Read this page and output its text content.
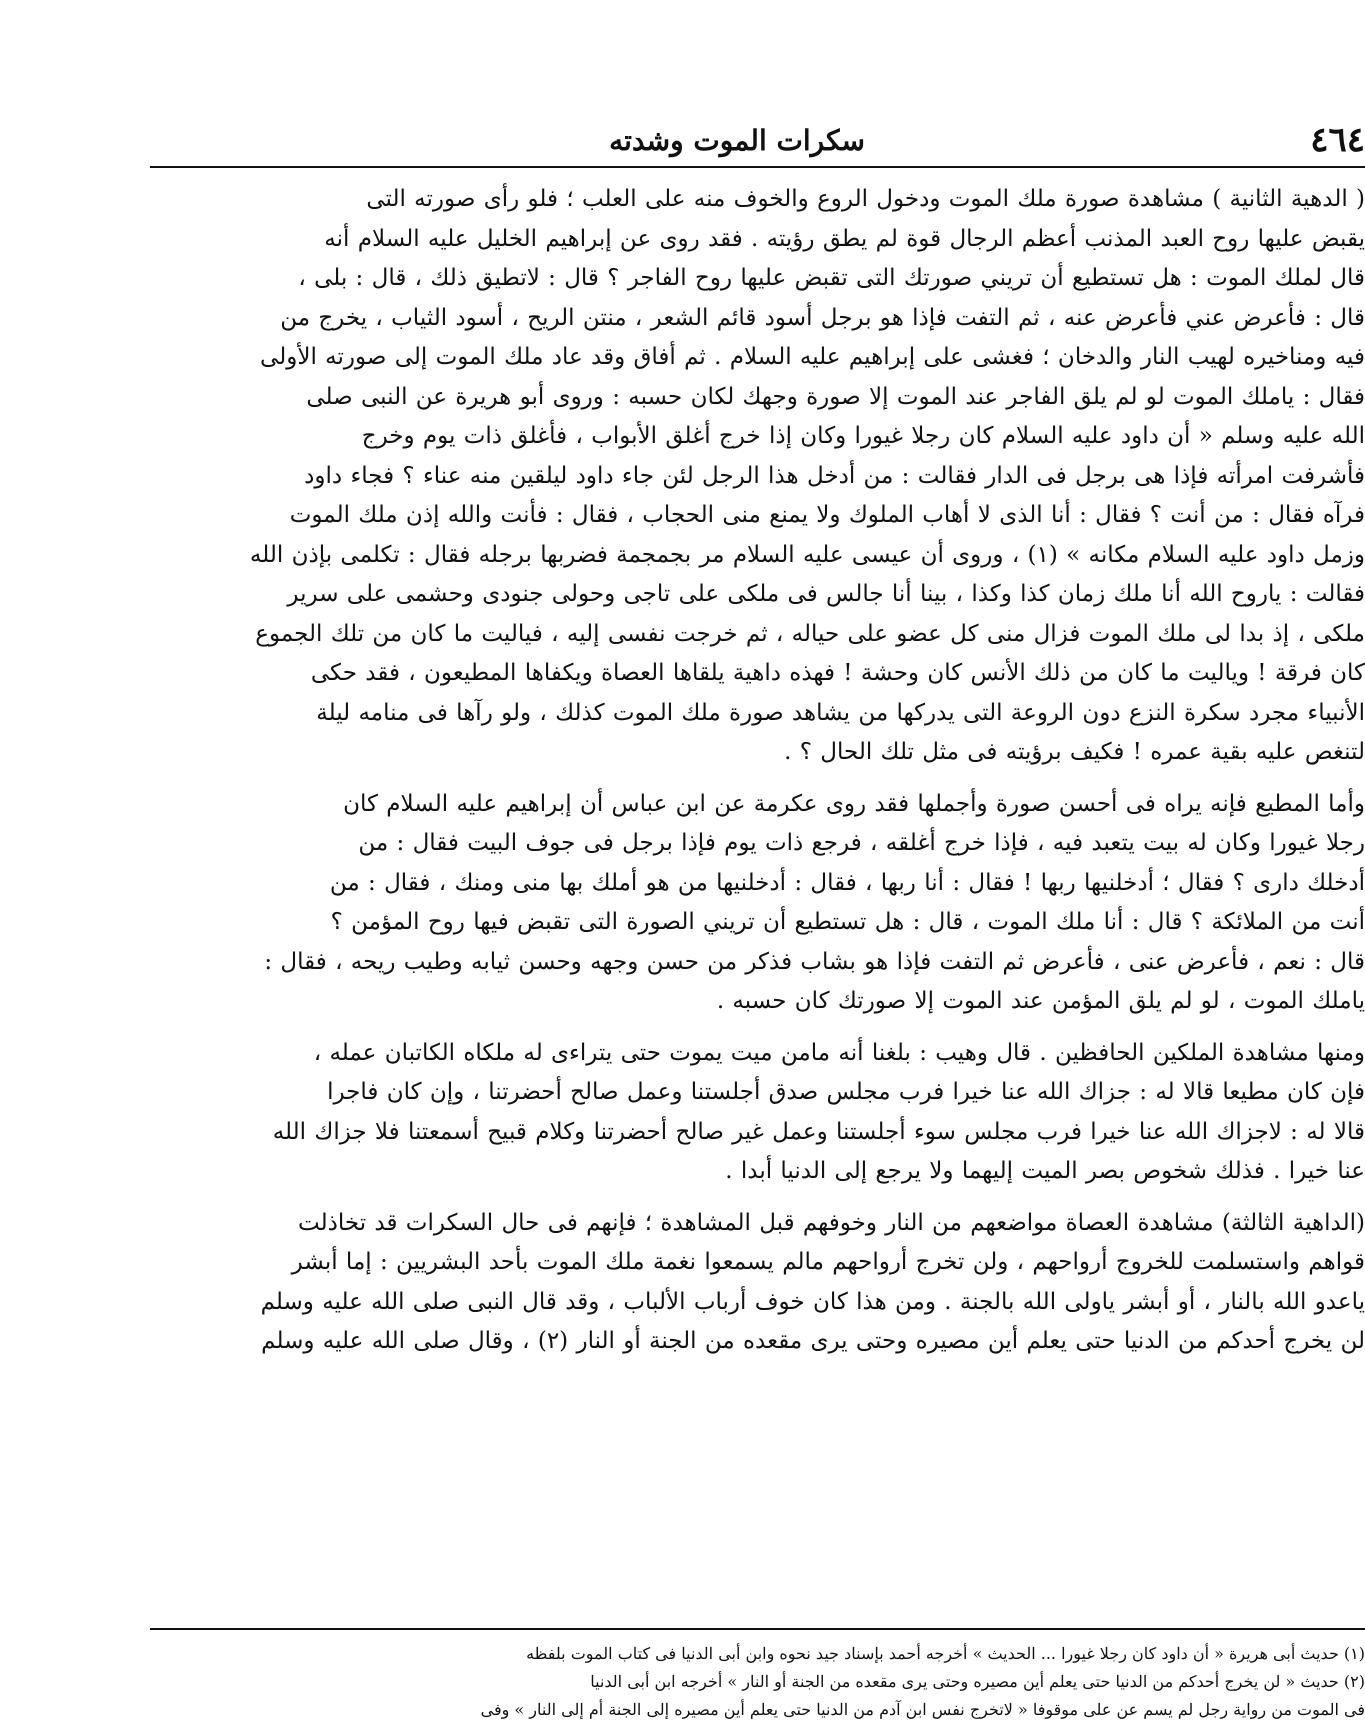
٤٦٤
سكرات الموت وشدته

( الدهية الثانية ) مشاهدة صورة ملك الموت ودخول الروع والخوف منه على العلب ؛ فلو رأى صورته التى
يقبض عليها روح العبد المذنب أعظم الرجال قوة لم يطق رؤيته . فقد روى عن إبراهيم الخليل عليه السلام أنه
قال لملك الموت : هل تستطيع أن تريني صورتك التى تقبض عليها روح الفاجر ؟ قال : لاتطيق ذلك ، قال : بلى ،
قال : فأعرض عني فأعرض عنه ، ثم التفت فإذا هو برجل أسود قائم الشعر ، منتن الريح ، أسود الثياب ، يخرج من
فيه ومناخيره لهيب النار والدخان ؛ فغشى على إبراهيم عليه السلام . ثم أفاق وقد عاد ملك الموت إلى صورته الأولى
فقال : ياملك الموت لو لم يلق الفاجر عند الموت إلا صورة وجهك لكان حسبه : وروى أبو هريرة عن النبى صلى
الله عليه وسلم « أن داود عليه السلام كان رجلا غيورا وكان إذا خرج أغلق الأبواب ، فأغلق ذات يوم وخرج
فأشرفت امرأته فإذا هى برجل فى الدار فقالت : من أدخل هذا الرجل لئن جاء داود ليلقين منه عناء ؟ فجاء داود
فرآه فقال : من أنت ؟ فقال : أنا الذى لا أهاب الملوك ولا يمنع منى الحجاب ، فقال : فأنت والله إذن ملك الموت
وزمل داود عليه السلام مكانه » (١) ، وروى أن عيسى عليه السلام مر بجمجمة فضربها برجله فقال : تكلمى بإذن الله
فقالت : ياروح الله أنا ملك زمان كذا وكذا ، بينا أنا جالس فى ملكى على تاجى وحولى جنودى وحشمى على سرير
ملكى ، إذ بدا لى ملك الموت فزال منى كل عضو على حياله ، ثم خرجت نفسى إليه ، فياليت ما كان من تلك الجموع
كان فرقة ! وياليت ما كان من ذلك الأنس كان وحشة ! فهذه داهية يلقاها العصاة ويكفاها المطيعون ، فقد حكى
الأنبياء مجرد سكرة النزع دون الروعة التى يدركها من يشاهد صورة ملك الموت كذلك ، ولو رآها فى منامه ليلة
لتنغص عليه بقية عمره ! فكيف برؤيته فى مثل تلك الحال ؟ .

وأما المطيع فإنه يراه فى أحسن صورة وأجملها فقد روى عكرمة عن ابن عباس أن إبراهيم عليه السلام كان
رجلا غيورا وكان له بيت يتعبد فيه ، فإذا خرج أغلقه ، فرجع ذات يوم فإذا برجل فى جوف البيت فقال : من
أدخلك دارى ؟ فقال ؛ أدخلنيها ربها ! فقال : أنا ربها ، فقال : أدخلنيها من هو أملك بها منى ومنك ، فقال : من
أنت من الملائكة ؟ قال : أنا ملك الموت ، قال : هل تستطيع أن تريني الصورة التى تقبض فيها روح المؤمن ؟
قال : نعم ، فأعرض عنى ، فأعرض ثم التفت فإذا هو بشاب فذكر من حسن وجهه وحسن ثيابه وطيب ريحه ، فقال :
ياملك الموت ، لو لم يلق المؤمن عند الموت إلا صورتك كان حسبه .

ومنها مشاهدة الملكين الحافظين . قال وهيب : بلغنا أنه مامن ميت يموت حتى يتراءى له ملكاه الكاتبان عمله ،
فإن كان مطيعا قالا له : جزاك الله عنا خيرا فرب مجلس صدق أجلستنا وعمل صالح أحضرتنا ، وإن كان فاجرا
قالا له : لاجزاك الله عنا خيرا فرب مجلس سوء أجلستنا وعمل غير صالح أحضرتنا وكلام قبيح أسمعتنا فلا جزاك الله
عنا خيرا . فذلك شخوص بصر الميت إليهما ولا يرجع إلى الدنيا أبدا .

(الداهية الثالثة) مشاهدة العصاة مواضعهم من النار وخوفهم قبل المشاهدة ؛ فإنهم فى حال السكرات قد تخاذلت
قواهم واستسلمت للخروج أرواحهم ، ولن تخرج أرواحهم مالم يسمعوا نغمة ملك الموت بأحد البشريين : إما أبشر
ياعدو الله بالنار ، أو أبشر ياولى الله بالجنة . ومن هذا كان خوف أرباب الألباب ، وقد قال النبى صلى الله عليه وسلم
لن يخرج أحدكم من الدنيا حتى يعلم أين مصيره وحتى يرى مقعده من الجنة أو النار (٢) ، وقال صلى الله عليه وسلم

(١) حديث أبى هريرة « أن داود كان رجلا غيورا ... الحديث » أخرجه أحمد بإسناد جيد نحوه وابن أبى الدنيا فى كتاب الموت بلفظه

(٢) حديث « لن يخرج أحدكم من الدنيا حتى يعلم أين مصيره وحتى يرى مقعده من الجنة أو النار » أخرجه ابن أبى الدنيا

فى الموت من رواية رجل لم يسم عن على موقوفا « لاتخرج نفس ابن آدم من الدنيا حتى يعلم أين مصيره إلى الجنة أم إلى النار » وفى
